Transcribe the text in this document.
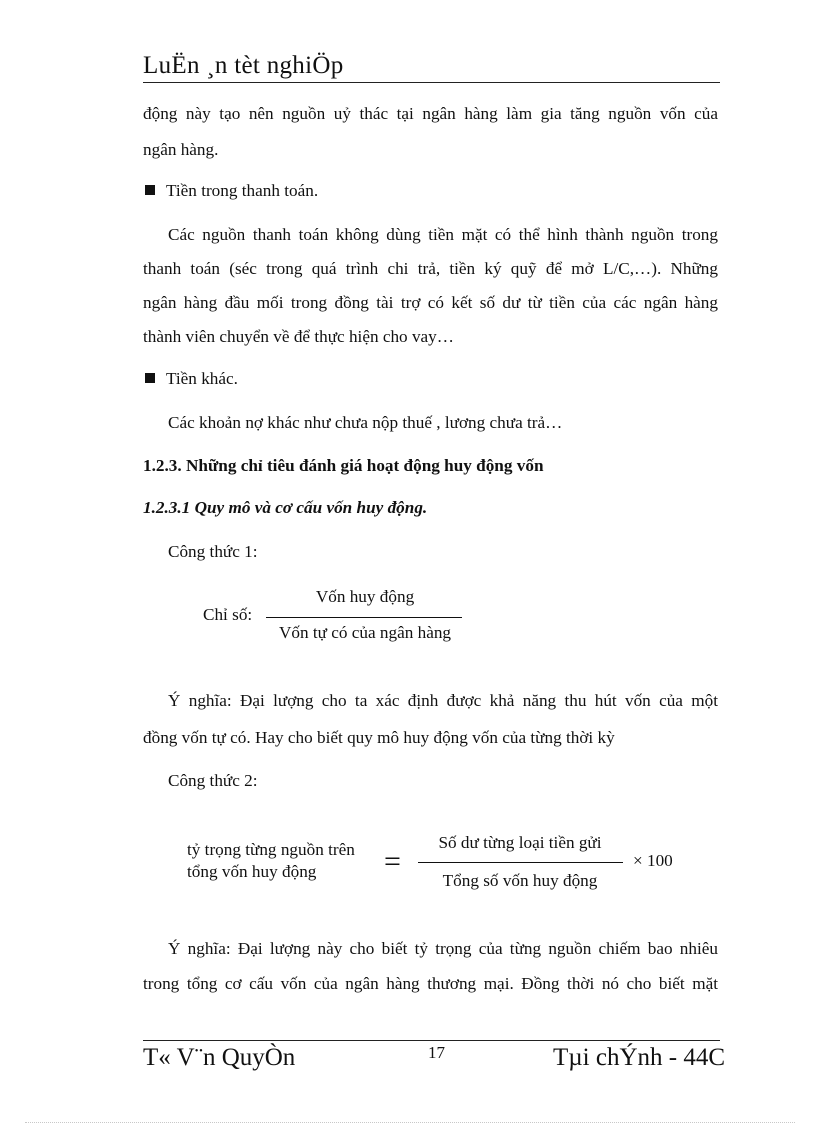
LuËn ¸n tèt nghiÖp

động này tạo nên nguồn uỷ thác tại ngân hàng làm gia tăng nguồn vốn của

ngân hàng.

Tiền trong thanh toán.

Các nguồn thanh toán không dùng tiền mặt có thể hình thành nguồn trong

thanh toán (séc trong quá trình chi trả, tiền ký quỹ để mở L/C,…). Những

ngân hàng đầu mối trong đồng tài trợ có kết số dư từ tiền của các ngân hàng

thành viên chuyển về để thực hiện cho vay…

Tiền khác.

Các khoản nợ khác như chưa nộp thuế , lương chưa trả…

1.2.3. Những chỉ tiêu đánh giá hoạt động huy động vốn

1.2.3.1 Quy mô và cơ cấu vốn huy động.

Công thức 1:

Chỉ số:
Vốn huy động
Vốn tự có của ngân hàng

Ý nghĩa: Đại lượng cho ta xác định được khả năng thu hút vốn của một

đồng vốn tự có. Hay cho biết quy mô huy động vốn của từng thời kỳ

Công thức 2:

tỷ trọng từng nguồn trên
tổng vốn huy động =
Số dư từng loại tiền gửi
Tổng số vốn huy động
× 100

Ý nghĩa: Đại lượng này cho biết tỷ trọng của từng nguồn chiếm bao nhiêu

trong tổng cơ cấu vốn của ngân hàng thương mại. Đồng thời nó cho biết mặt

T« V¨n QuyÒn	17	Tµi chÝnh - 44C
